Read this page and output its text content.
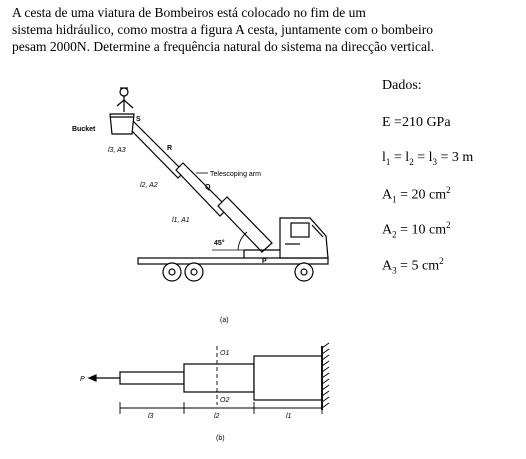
A cesta de uma viatura de Bombeiros está colocado no fim de um

sistema hidráulico, como mostra a figura A cesta, juntamente com o bombeiro

pesam 2000N. Determine a frequência natural do sistema na direcção vertical.

Dados:
E =210 GPa
$l_1 = l_2 = l_3 = 3$ m
$A_1 = 20$ $cm^2$
$A_2 = 10$ $cm^2$
$A_3 = 5$ $cm^2$
Bucket
l3, A3
l2, A2
l1, A1
Telescoping arm
S
R
Q
P
45°
(a)
P
O1
O2
l3	l2	l1
(b)
